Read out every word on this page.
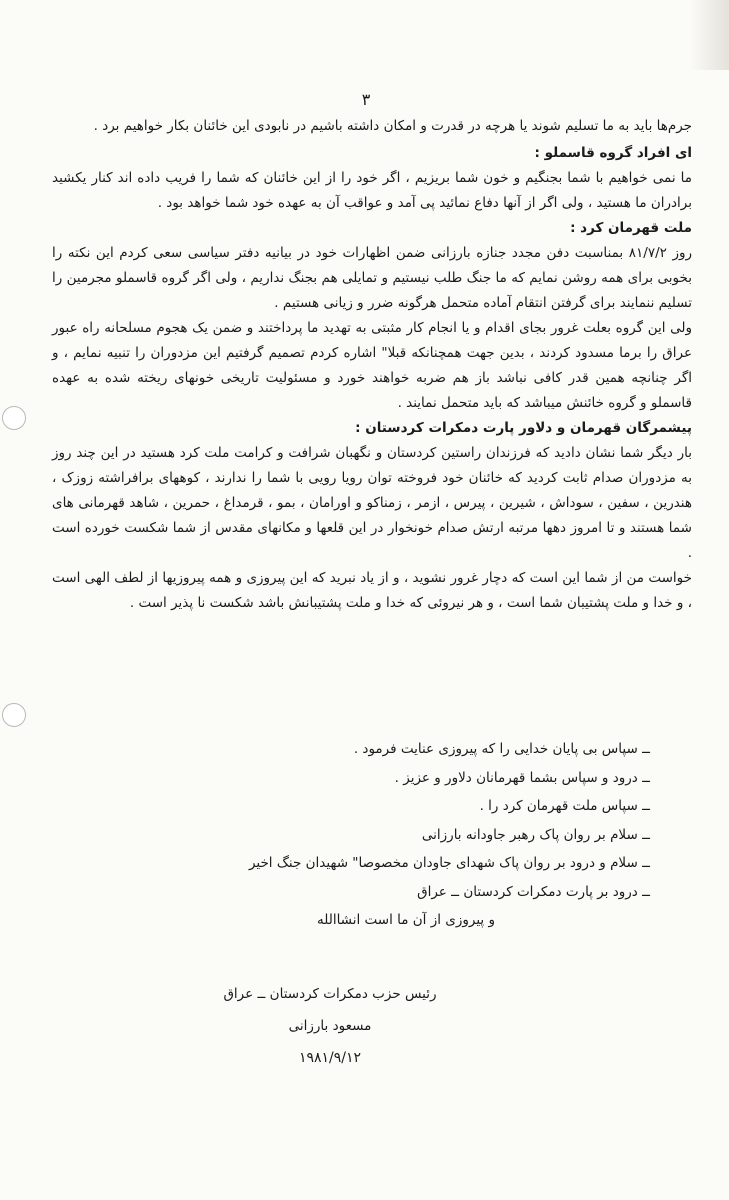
٣

جرم‌ها باید به ما تسلیم شوند یا هرچه در قدرت و امکان داشته باشیم در نابودی این خائنان بکار خواهیم برد .

ای افراد گروه قاسملو :

ما نمی خواهیم با شما بجنگیم و خون شما بریزیم ، اگر خود را از این خائنان که شما را فریب داده اند کنار یکشید برادران ما هستید ، ولی اگر از آنها دفاع نمائید پی آمد و عواقب آن به عهده خود شما خواهد بود .

ملت قهرمان کرد :

روز ٨١/٧/٢ بمناسبت دفن مجدد جنازه بارزانی ضمن اظهارات خود در بیانیه دفتر سیاسی سعی کردم این نکته را بخوبی برای همه روشن نمایم که ما جنگ طلب نیستیم و تمایلی هم بجنگ نداریم ، ولی اگر گروه قاسملو مجرمین را تسلیم ننمایند برای گرفتن انتقام آماده متحمل هرگونه ضرر و زیانی هستیم .

ولی این گروه بعلت غرور بجای اقدام و یا انجام کار مثبتی به تهدید ما پرداختند و ضمن یک هجوم مسلحانه راه عبور عراق را برما مسدود کردند ، بدین جهت همچنانکه قبلا" اشاره کردم تصمیم گرفتیم این مزدوران را تنبیه نمایم ، و اگر چنانچه همین قدر کافی نباشد باز هم ضربه خواهند خورد و مسئولیت تاریخی خونهای ریخته شده به عهده قاسملو و گروه خائنش میباشد که باید متحمل نمایند .

پیشمرگان قهرمان و دلاور پارت دمکرات کردستان :

بار دیگر شما نشان دادید که فرزندان راستین کردستان و نگهبان شرافت و کرامت ملت کرد هستید در این چند روز به مزدوران صدام ثابت کردید که خائنان خود فروخته توان رویا رویی با شما را ندارند ، کوههای برافراشته زوزک ، هندرین ، سفین ، سوداش ، شیرین ، پیرس ، ازمر ، زمناکو و اورامان ، بمو ، قرمداغ ، حمرین ، شاهد قهرمانی های شما هستند و تا امروز دهها مرتبه ارتش صدام خونخوار در این قلعها و مکانهای مقدس از شما شکست خورده است .

خواست من از شما این است که دچار غرور نشوید ، و از یاد نبرید که این پیروزی و همه پیروزیها از لطف الهی است ، و خدا و ملت پشتیبان شما است ، و هر نیروئی که خدا و ملت پشتیبانش باشد شکست نا پذیر است .

ــ سپاس بی پایان خدایی را که پیروزی عنایت فرمود .
ــ درود و سپاس بشما قهرمانان دلاور و عزیز .
ــ سپاس ملت قهرمان کرد را .
ــ سلام بر روان پاک رهبر جاودانه بارزانی
ــ سلام و درود بر روان پاک شهدای جاودان مخصوصا" شهیدان جنگ اخیر
ــ درود بر پارت دمکرات کردستان ــ عراق
و پیروزی از آن ما است انشاالله
رئیس حزب دمکرات کردستان ــ عراق
مسعود بارزانی
١٩٨١/٩/١٢
